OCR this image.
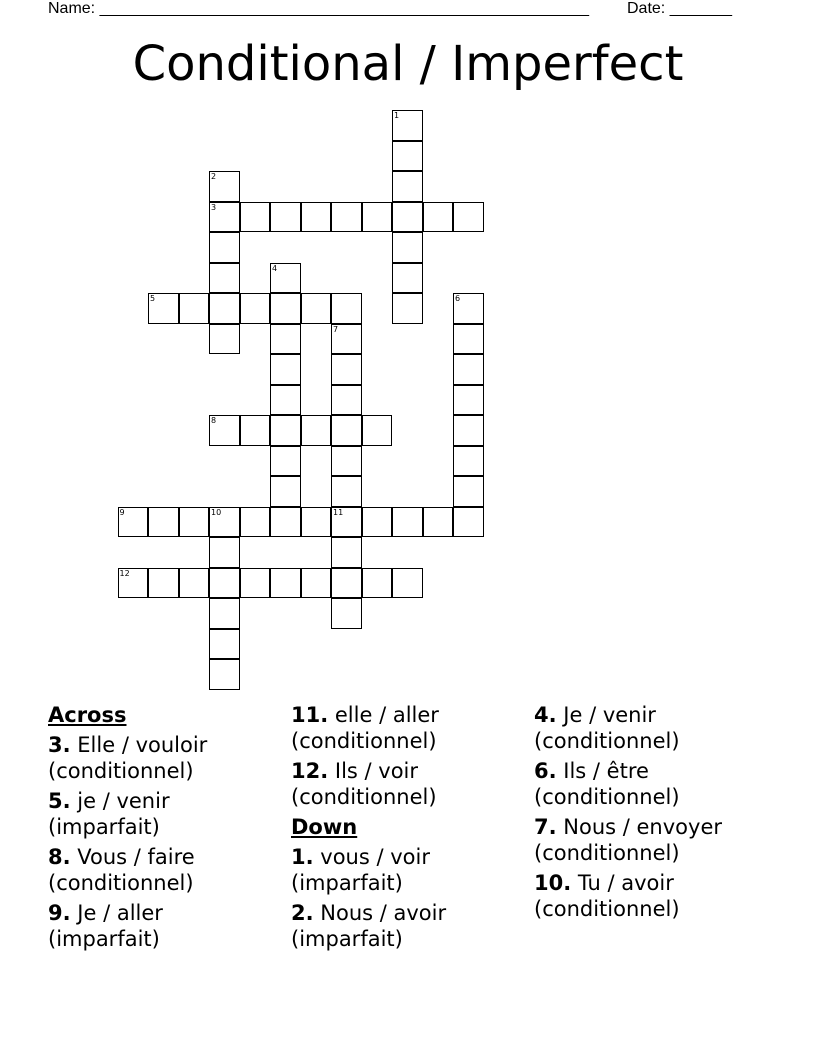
Name: _______________________________________________________ Date: _______
Conditional / Imperfect
1
2
3
4
5	6
7
11
8
9	10
12
Across
3. Elle / vouloir (conditionnel)
5. je / venir (imparfait)
8. Vous / faire (conditionnel)
9. Je / aller (imparfait)
11. elle / aller (conditionnel)
12. Ils / voir (conditionnel)
Down
1. vous / voir (imparfait)
2. Nous / avoir (imparfait)
4. Je / venir (conditionnel)
6. Ils / être (conditionnel)
7. Nous / envoyer (conditionnel)
10. Tu / avoir (conditionnel)
